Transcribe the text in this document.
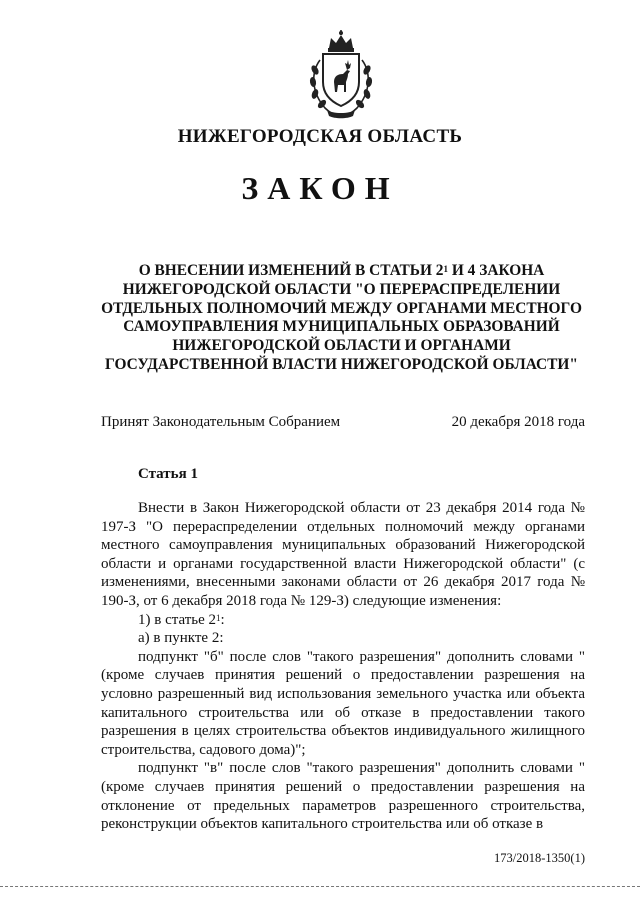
НИЖЕГОРОДСКАЯ ОБЛАСТЬ
ЗАКОН
О ВНЕСЕНИИ ИЗМЕНЕНИЙ В СТАТЬИ $2^1$ И 4 ЗАКОНА НИЖЕГОРОДСКОЙ ОБЛАСТИ "О ПЕРЕРАСПРЕДЕЛЕНИИ ОТДЕЛЬНЫХ ПОЛНОМОЧИЙ МЕЖДУ ОРГАНАМИ МЕСТНОГО САМОУПРАВЛЕНИЯ МУНИЦИПАЛЬНЫХ ОБРАЗОВАНИЙ НИЖЕГОРОДСКОЙ ОБЛАСТИ И ОРГАНАМИ ГОСУДАРСТВЕННОЙ ВЛАСТИ НИЖЕГОРОДСКОЙ ОБЛАСТИ"
Принят Законодательным Собранием	20 декабря 2018 года
Статья 1

Внести в Закон Нижегородской области от 23 декабря 2014 года № 197-З "О перераспределении отдельных полномочий между органами местного самоуправления муниципальных образований Нижегородской области и органами государственной власти Нижегородской области" (с изменениями, внесенными законами области от 26 декабря 2017 года № 190-З, от 6 декабря 2018 года № 129-З) следующие изменения:

1) в статье $2^1$:

а) в пункте 2:

подпункт "б" после слов "такого разрешения" дополнить словами "(кроме случаев принятия решений о предоставлении разрешения на условно разрешенный вид использования земельного участка или объекта капитального строительства или об отказе в предоставлении такого разрешения в целях строительства объектов индивидуального жилищного строительства, садового дома)";

подпункт "в" после слов "такого разрешения" дополнить словами "(кроме случаев принятия решений о предоставлении разрешения на отклонение от предельных параметров разрешенного строительства, реконструкции объектов капитального строительства или об отказе в

173/2018-1350(1)
